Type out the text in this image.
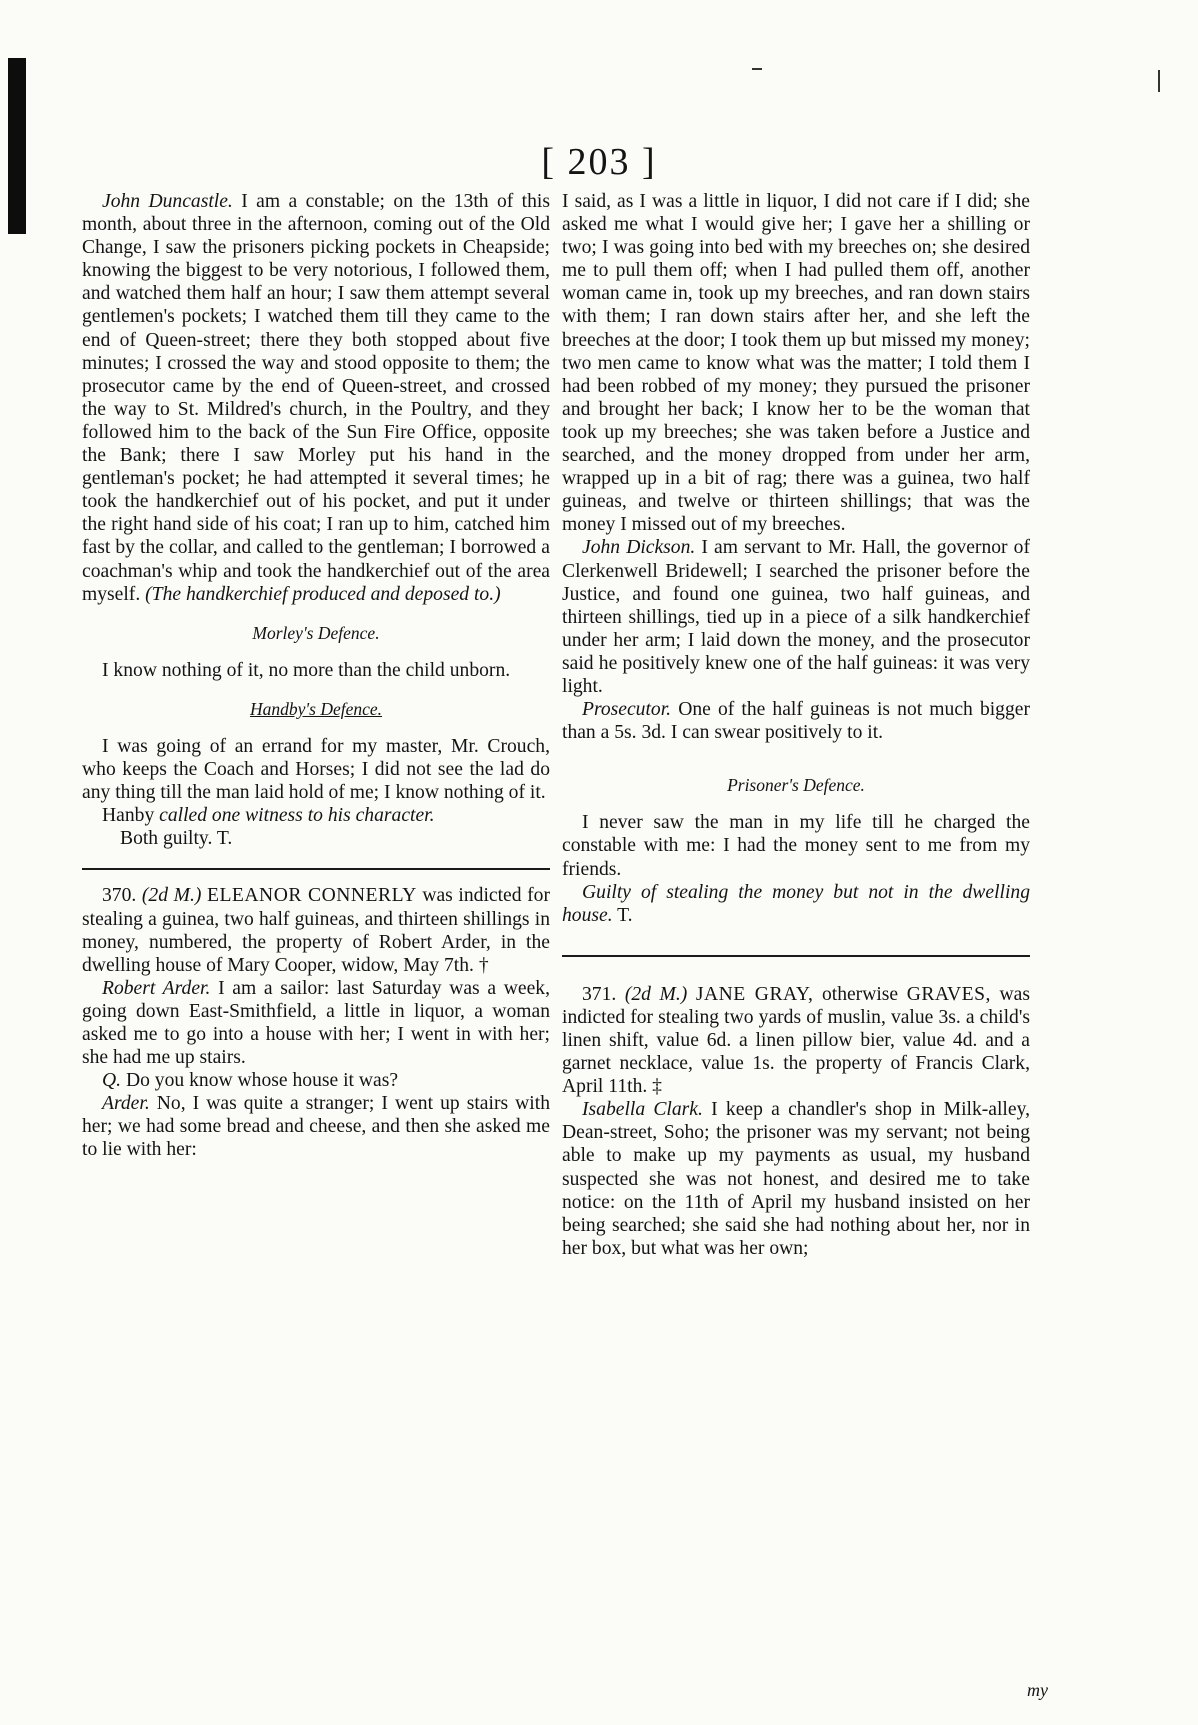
[ 203 ]

John Duncastle. I am a constable; on the 13th of this month, about three in the afternoon, coming out of the Old Change, I saw the prisoners picking pockets in Cheapside; knowing the biggest to be very notorious, I followed them, and watched them half an hour; I saw them attempt several gentlemen's pockets; I watched them till they came to the end of Queen-street; there they both stopped about five minutes; I crossed the way and stood opposite to them; the prosecutor came by the end of Queen-street, and crossed the way to St. Mildred's church, in the Poultry, and they followed him to the back of the Sun Fire Office, opposite the Bank; there I saw Morley put his hand in the gentleman's pocket; he had attempted it several times; he took the handkerchief out of his pocket, and put it under the right hand side of his coat; I ran up to him, catched him fast by the collar, and called to the gentleman; I borrowed a coachman's whip and took the handkerchief out of the area myself. (The handkerchief produced and deposed to.)

Morley's Defence.

I know nothing of it, no more than the child unborn.

Handby's Defence.

I was going of an errand for my master, Mr. Crouch, who keeps the Coach and Horses; I did not see the lad do any thing till the man laid hold of me; I know nothing of it.

Hanby called one witness to his character.

Both guilty. T.

370. (2d M.) ELEANOR CONNERLY was indicted for stealing a guinea, two half guineas, and thirteen shillings in money, numbered, the property of Robert Arder, in the dwelling house of Mary Cooper, widow, May 7th. †

Robert Arder. I am a sailor: last Saturday was a week, going down East-Smithfield, a little in liquor, a woman asked me to go into a house with her; I went in with her; she had me up stairs.

Q. Do you know whose house it was?

Arder. No, I was quite a stranger; I went up stairs with her; we had some bread and cheese, and then she asked me to lie with her:

I said, as I was a little in liquor, I did not care if I did; she asked me what I would give her; I gave her a shilling or two; I was going into bed with my breeches on; she desired me to pull them off; when I had pulled them off, another woman came in, took up my breeches, and ran down stairs with them; I ran down stairs after her, and she left the breeches at the door; I took them up but missed my money; two men came to know what was the matter; I told them I had been robbed of my money; they pursued the prisoner and brought her back; I know her to be the woman that took up my breeches; she was taken before a Justice and searched, and the money dropped from under her arm, wrapped up in a bit of rag; there was a guinea, two half guineas, and twelve or thirteen shillings; that was the money I missed out of my breeches.

John Dickson. I am servant to Mr. Hall, the governor of Clerkenwell Bridewell; I searched the prisoner before the Justice, and found one guinea, two half guineas, and thirteen shillings, tied up in a piece of a silk handkerchief under her arm; I laid down the money, and the prosecutor said he positively knew one of the half guineas: it was very light.

Prosecutor. One of the half guineas is not much bigger than a 5s. 3d. I can swear positively to it.

Prisoner's Defence.

I never saw the man in my life till he charged the constable with me: I had the money sent to me from my friends.

Guilty of stealing the money but not in the dwelling house. T.

371. (2d M.) JANE GRAY, otherwise GRAVES, was indicted for stealing two yards of muslin, value 3s. a child's linen shift, value 6d. a linen pillow bier, value 4d. and a garnet necklace, value 1s. the property of Francis Clark, April 11th. ‡

Isabella Clark. I keep a chandler's shop in Milk-alley, Dean-street, Soho; the prisoner was my servant; not being able to make up my payments as usual, my husband suspected she was not honest, and desired me to take notice: on the 11th of April my husband insisted on her being searched; she said she had nothing about her, nor in her box, but what was her own;

my
